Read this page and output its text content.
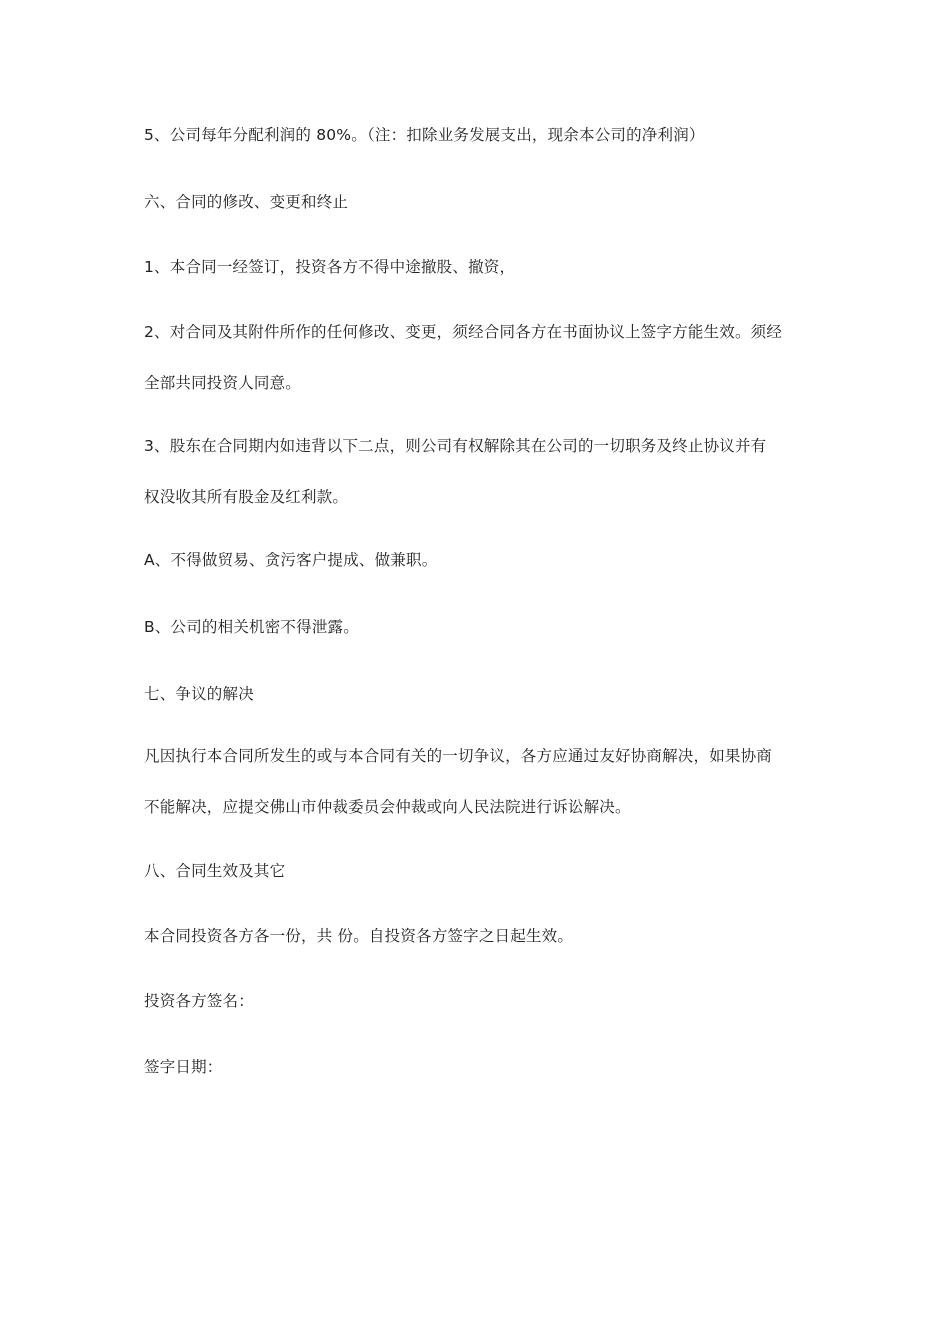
5、公司每年分配利润的 80%。（注：扣除业务发展支出，现余本公司的净利润）
六、合同的修改、变更和终止
1、本合同一经签订，投资各方不得中途撤股、撤资，
2、对合同及其附件所作的任何修改、变更，须经合同各方在书面协议上签字方能生效。须经
全部共同投资人同意。
3、股东在合同期内如违背以下二点，则公司有权解除其在公司的一切职务及终止协议并有
权没收其所有股金及红利款。
A、不得做贸易、贪污客户提成、做兼职。
B、公司的相关机密不得泄露。
七、争议的解决
凡因执行本合同所发生的或与本合同有关的一切争议，各方应通过友好协商解决，如果协商
不能解决，应提交佛山市仲裁委员会仲裁或向人民法院进行诉讼解决。
八、合同生效及其它
本合同投资各方各一份，共 份。自投资各方签字之日起生效。
投资各方签名：
签字日期：
